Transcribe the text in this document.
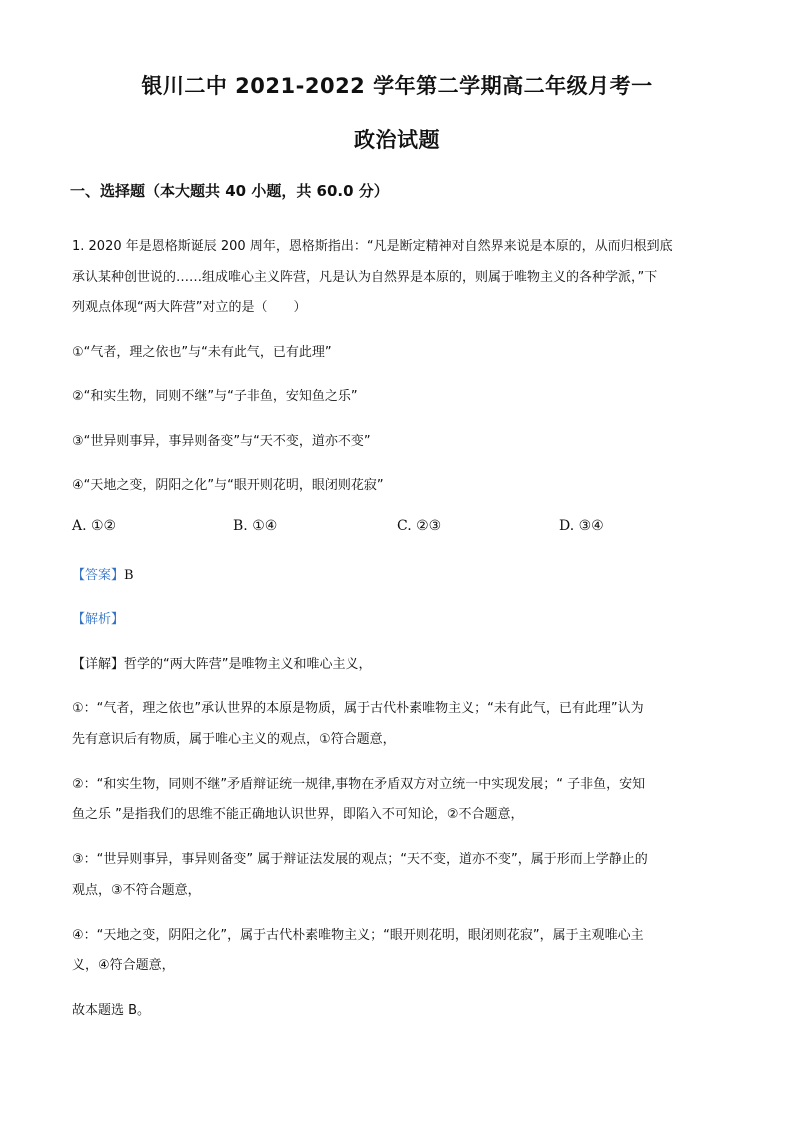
银川二中 2021-2022 学年第二学期高二年级月考一
政治试题
一、选择题（本大题共 40 小题，共 60.0 分）
1. 2020 年是恩格斯诞辰 200 周年，恩格斯指出：“凡是断定精神对自然界来说是本原的，从而归根到底
承认某种创世说的……组成唯心主义阵营，凡是认为自然界是本原的，则属于唯物主义的各种学派，”下
列观点体现“两大阵营”对立的是（　　）
①“气者，理之依也”与“未有此气，已有此理”
②“和实生物，同则不继”与“子非鱼，安知鱼之乐”
③“世异则事异，事异则备变”与“天不变，道亦不变”
④“天地之变，阴阳之化”与“眼开则花明，眼闭则花寂”
A. ①②	B. ①④	C. ②③	D. ③④
【答案】B
【解析】
【详解】哲学的“两大阵营”是唯物主义和唯心主义，
①：“气者，理之依也”承认世界的本原是物质，属于古代朴素唯物主义；“未有此气，已有此理”认为
先有意识后有物质，属于唯心主义的观点，①符合题意，
②：“和实生物，同则不继”矛盾辩证统一规律,事物在矛盾双方对立统一中实现发展；“ 子非鱼，安知
鱼之乐 ”是指我们的思维不能正确地认识世界，即陷入不可知论，②不合题意，
③：“世异则事异，事异则备变” 属于辩证法发展的观点；“天不变，道亦不变”，属于形而上学静止的
观点，③不符合题意，
④：“天地之变，阴阳之化”，属于古代朴素唯物主义；“眼开则花明，眼闭则花寂”，属于主观唯心主
义，④符合题意，
故本题选 B。
